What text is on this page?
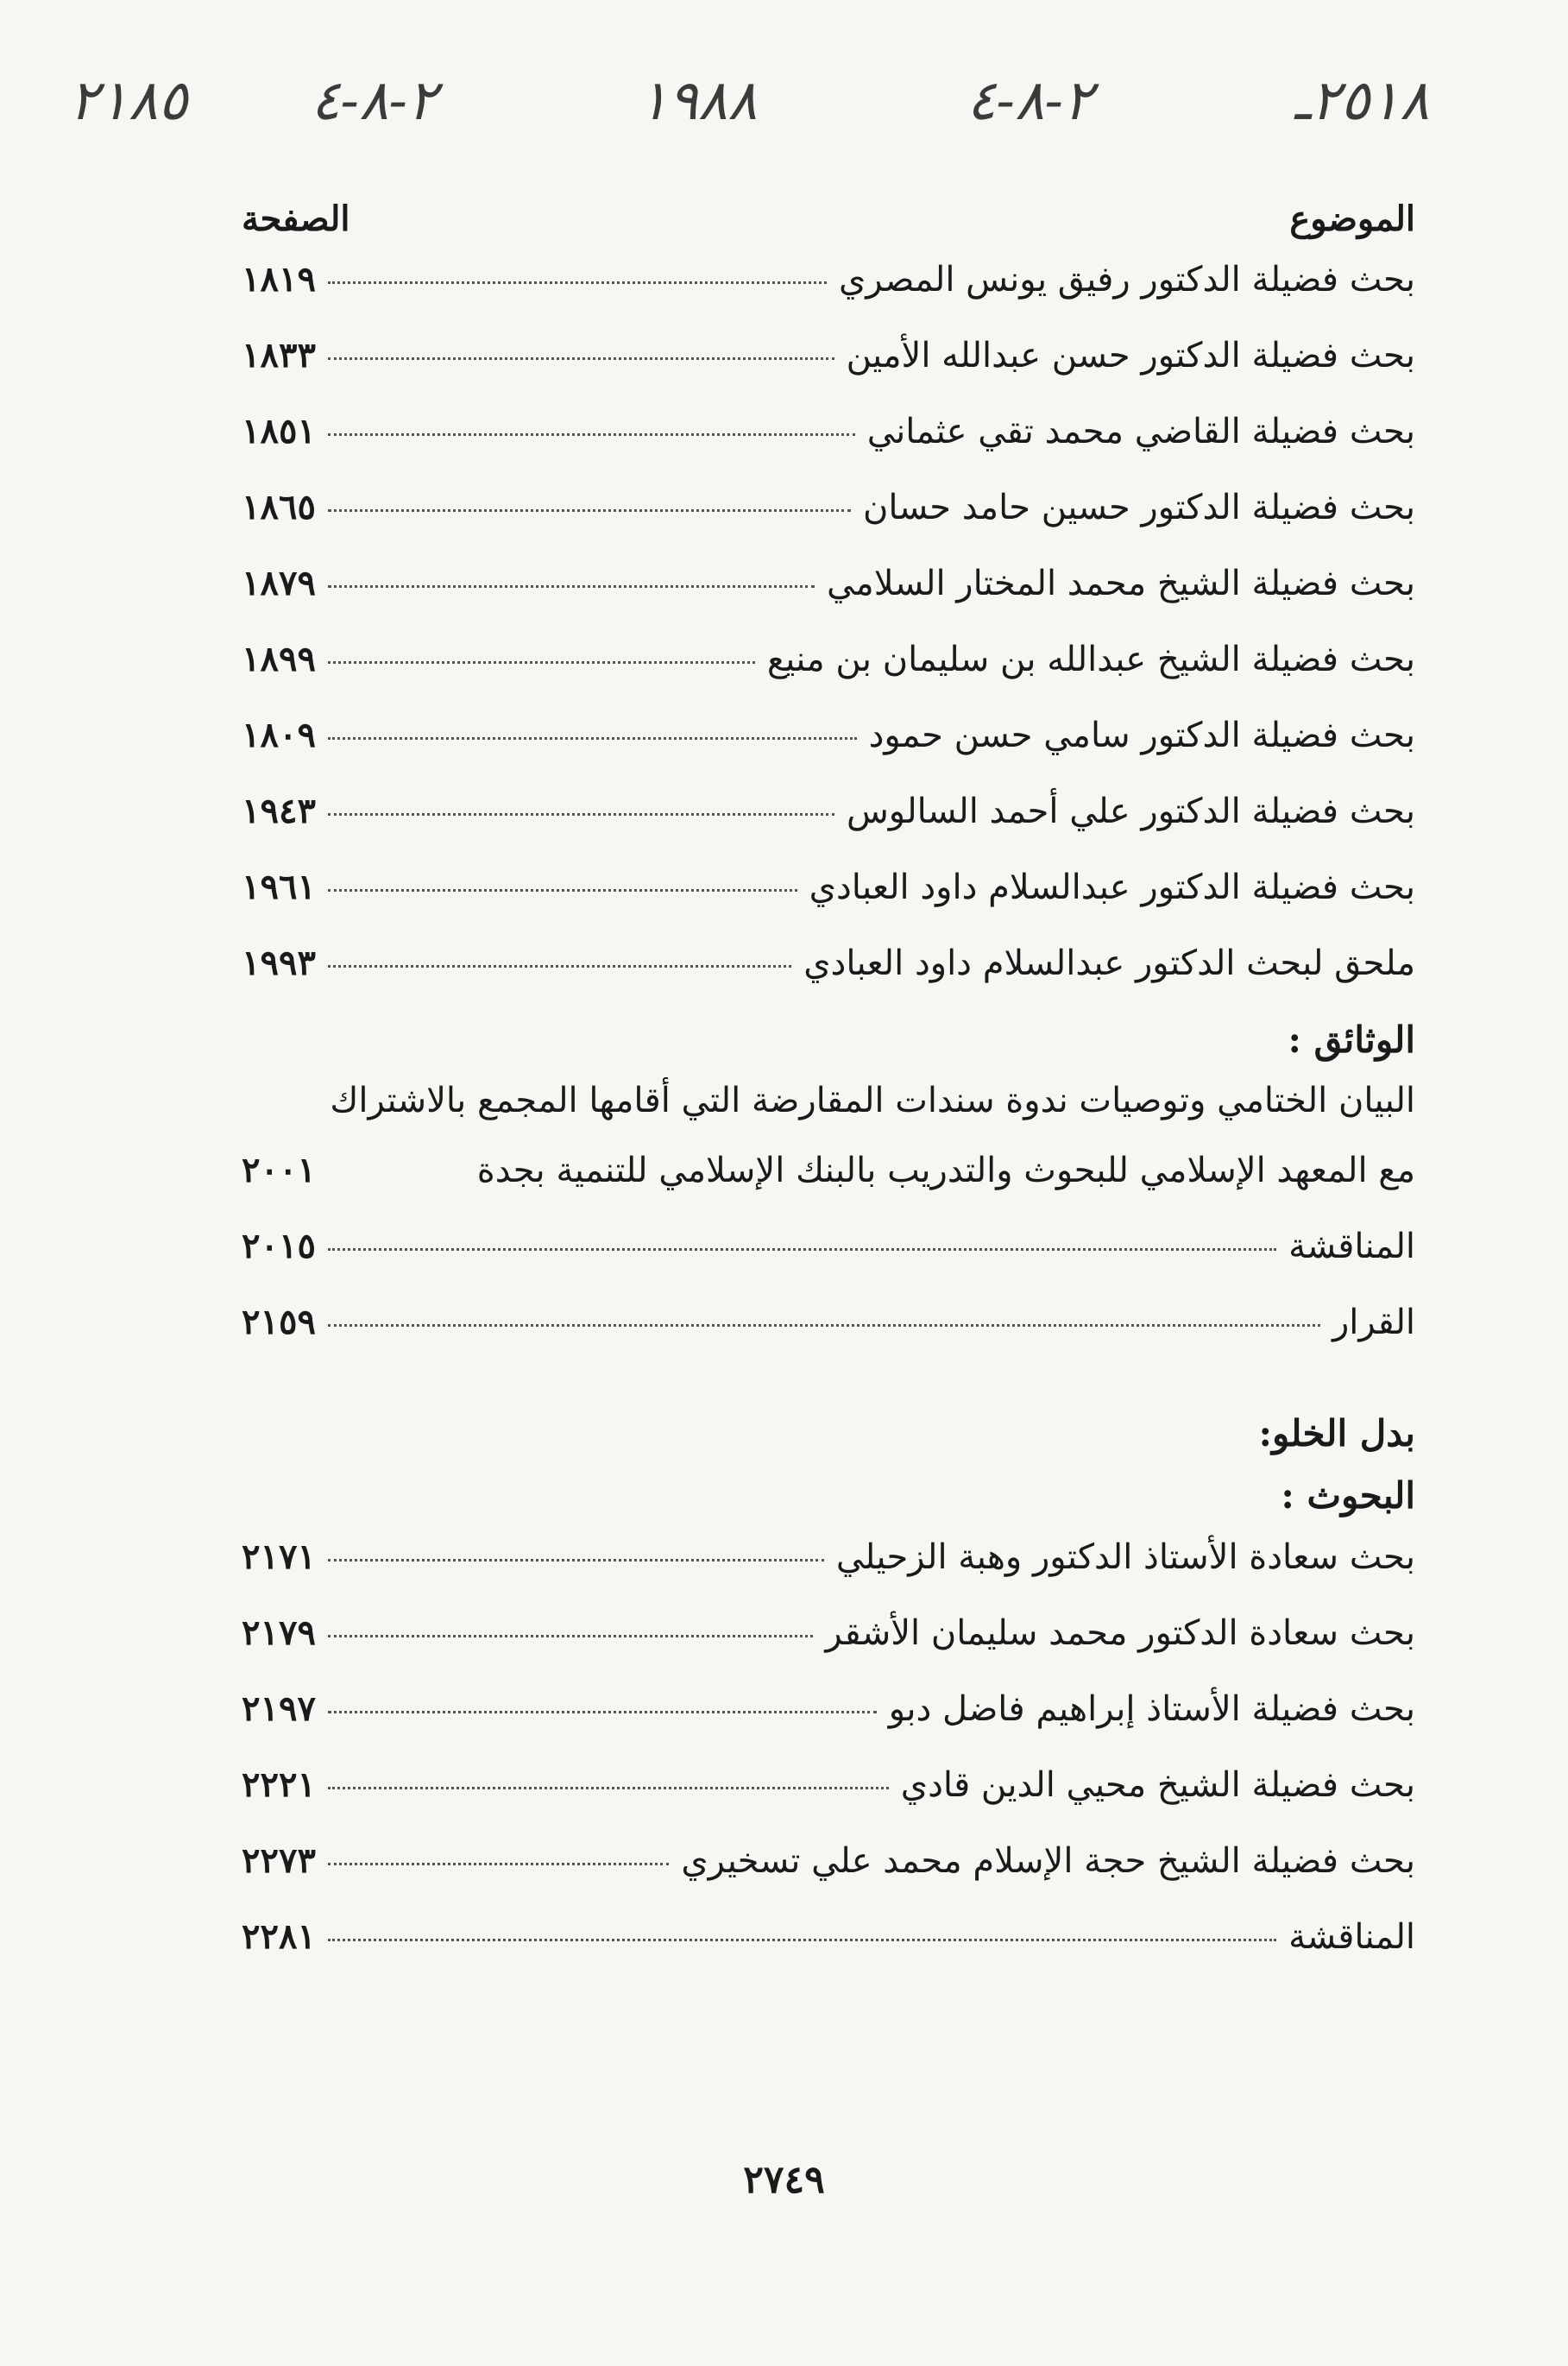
٢٥١٨ـ
٢-٨-٤
١٩٨٨
٢-٨-٤
٢١٨٥
الموضوع
الصفحة
بحث فضيلة الدكتور رفيق يونس المصري
١٨١٩
بحث فضيلة الدكتور حسن عبدالله الأمين
١٨٣٣
بحث فضيلة القاضي محمد تقي عثماني
١٨٥١
بحث فضيلة الدكتور حسين حامد حسان
١٨٦٥
بحث فضيلة الشيخ محمد المختار السلامي
١٨٧٩
بحث فضيلة الشيخ عبدالله بن سليمان بن منيع
١٨٩٩
بحث فضيلة الدكتور سامي حسن حمود
١٨٠٩
بحث فضيلة الدكتور علي أحمد السالوس
١٩٤٣
بحث فضيلة الدكتور عبدالسلام داود العبادي
١٩٦١
ملحق لبحث الدكتور عبدالسلام داود العبادي
١٩٩٣
الوثائق :
البيان الختامي وتوصيات ندوة سندات المقارضة التي أقامها المجمع بالاشتراك
مع المعهد الإسلامي للبحوث والتدريب بالبنك الإسلامي للتنمية بجدة
٢٠٠١
المناقشة
٢٠١٥
القرار
٢١٥٩
بدل الخلو:
البحوث :
بحث سعادة الأستاذ الدكتور وهبة الزحيلي
٢١٧١
بحث سعادة الدكتور محمد سليمان الأشقر
٢١٧٩
بحث فضيلة الأستاذ إبراهيم فاضل دبو
٢١٩٧
بحث فضيلة الشيخ محيي الدين قادي
٢٢٢١
بحث فضيلة الشيخ حجة الإسلام محمد علي تسخيري
٢٢٧٣
المناقشة
٢٢٨١
٢٧٤٩
